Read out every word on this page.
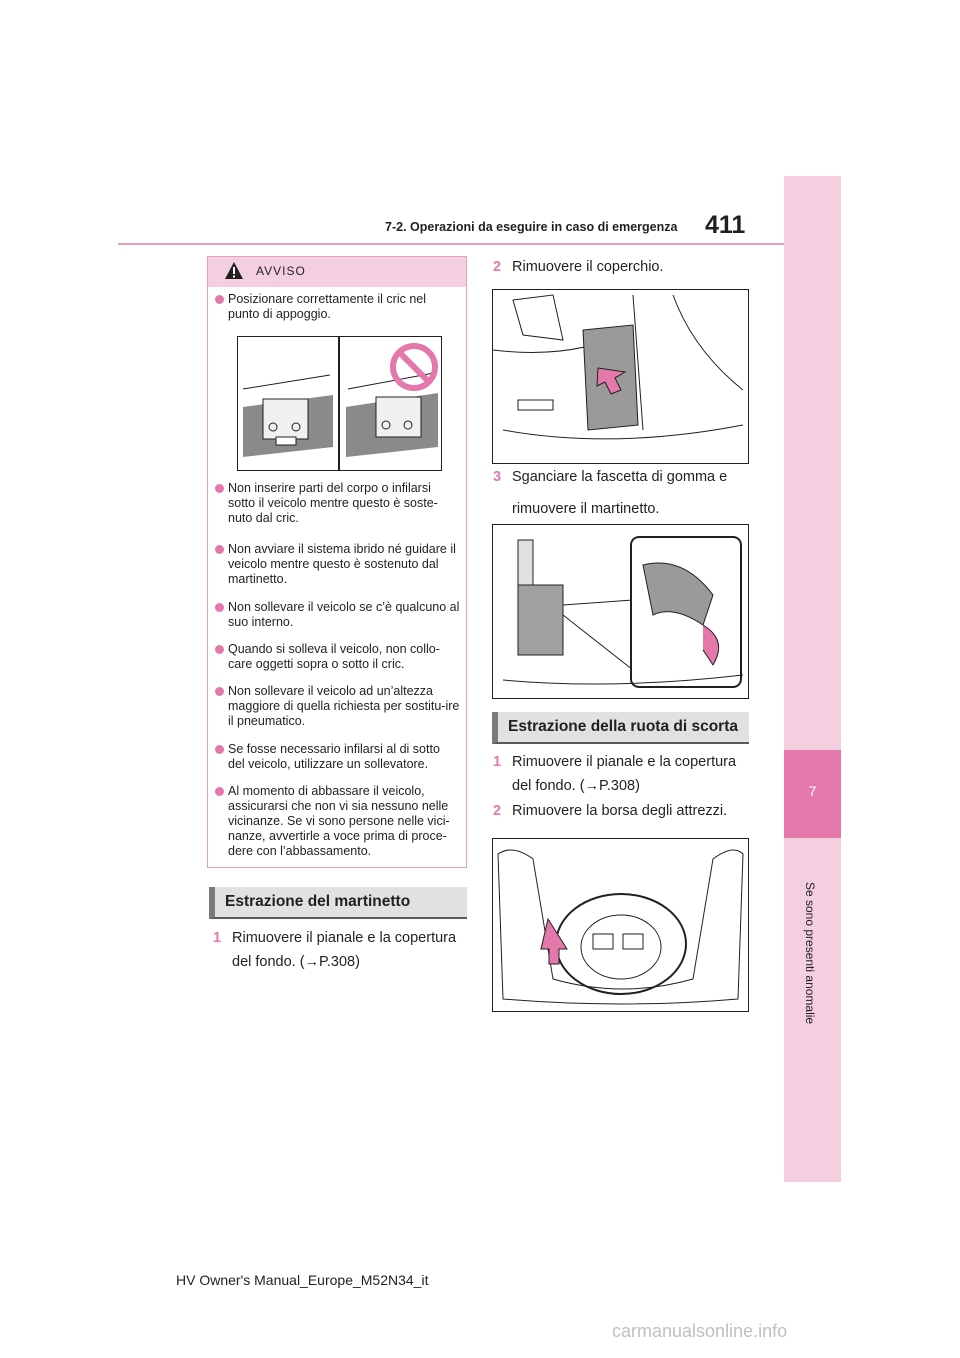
7-2. Operazioni da eseguire in caso di emergenza 411
7
Se sono presenti anomalie
AVVISO
Posizionare correttamente il cric nel punto di appoggio.
Non inserire parti del corpo o infilarsi sotto il veicolo mentre questo è soste-nuto dal cric.
Non avviare il sistema ibrido né guidare il veicolo mentre questo è sostenuto dal martinetto.
Non sollevare il veicolo se c’è qualcuno al suo interno.
Quando si solleva il veicolo, non collo-care oggetti sopra o sotto il cric.
Non sollevare il veicolo ad un’altezza maggiore di quella richiesta per sostitu-ire il pneumatico.
Se fosse necessario infilarsi al di sotto del veicolo, utilizzare un sollevatore.
Al momento di abbassare il veicolo, assicurarsi che non vi sia nessuno nelle vicinanze. Se vi sono persone nelle vici-nanze, avvertirle a voce prima di proce-dere con l’abbassamento.
Estrazione del martinetto
1 Rimuovere il pianale e la copertura
del fondo. (→P.308)
2 Rimuovere il coperchio.
3 Sganciare la fascetta di gomma e
rimuovere il martinetto.
Estrazione della ruota di scorta
1 Rimuovere il pianale e la copertura
del fondo. (→P.308)
2 Rimuovere la borsa degli attrezzi.
HV Owner's Manual_Europe_M52N34_it
carmanualsonline.info
